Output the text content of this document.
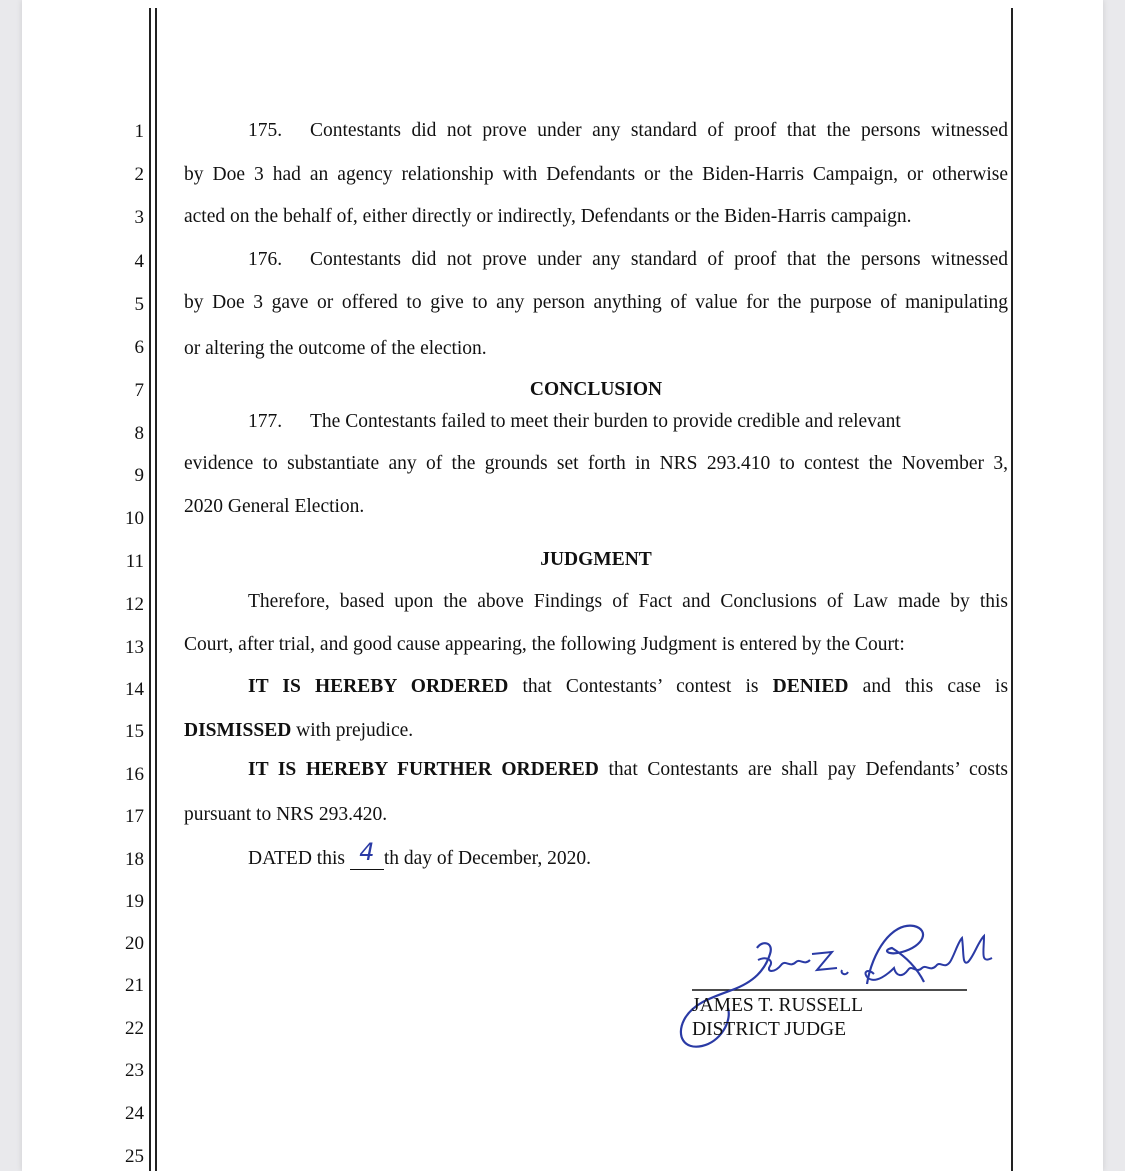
1
2
3
4
5
6
7
8
9
10
11
12
13
14
15
16
17
18
19
20
21
22
23
24
25
175. Contestants did not prove under any standard of proof that the persons witnessed
by Doe 3 had an agency relationship with Defendants or the Biden-Harris Campaign, or otherwise
acted on the behalf of, either directly or indirectly, Defendants or the Biden-Harris campaign.
176. Contestants did not prove under any standard of proof that the persons witnessed
by Doe 3 gave or offered to give to any person anything of value for the purpose of manipulating
or altering the outcome of the election.
CONCLUSION
177. The Contestants failed to meet their burden to provide credible and relevant
evidence to substantiate any of the grounds set forth in NRS 293.410 to contest the November 3,
2020 General Election.
JUDGMENT
Therefore, based upon the above Findings of Fact and Conclusions of Law made by this
Court, after trial, and good cause appearing, the following Judgment is entered by the Court:
IT IS HEREBY ORDERED that Contestants’ contest is DENIED and this case is
DISMISSED with prejudice.
IT IS HEREBY FURTHER ORDERED that Contestants are shall pay Defendants’ costs
pursuant to NRS 293.420.
DATED this 4 th day of December, 2020.
JAMES T. RUSSELL
DISTRICT JUDGE
